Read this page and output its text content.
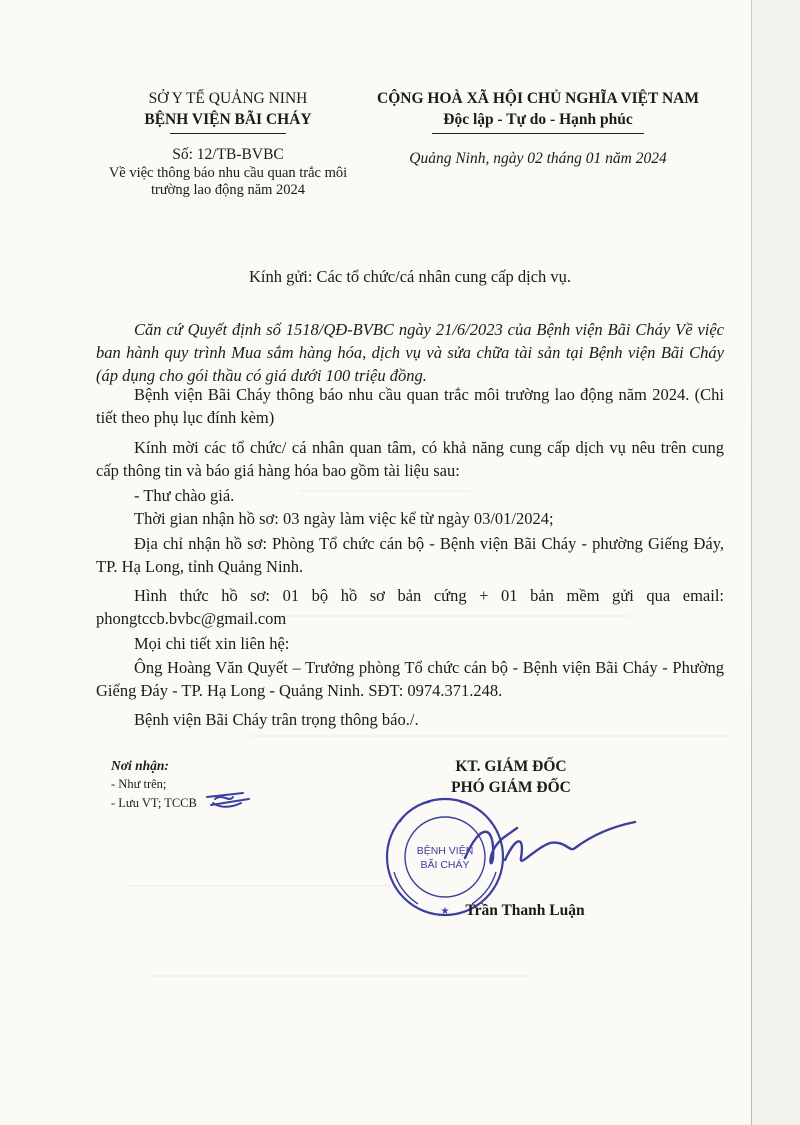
SỞ Y TẾ QUẢNG NINH
BỆNH VIỆN BÃI CHÁY
Số: 12/TB-BVBC
Về việc thông báo nhu cầu quan trắc môi trường lao động năm 2024
CỘNG HOÀ XÃ HỘI CHỦ NGHĨA VIỆT NAM
Độc lập - Tự do - Hạnh phúc
Quảng Ninh, ngày 02 tháng 01 năm 2024
Kính gửi: Các tổ chức/cá nhân cung cấp dịch vụ.
Căn cứ Quyết định số 1518/QĐ-BVBC ngày 21/6/2023 của Bệnh viện Bãi Cháy Về việc ban hành quy trình Mua sắm hàng hóa, dịch vụ và sửa chữa tài sản tại Bệnh viện Bãi Cháy (áp dụng cho gói thầu có giá dưới 100 triệu đồng.
Bệnh viện Bãi Cháy thông báo nhu cầu quan trắc môi trường lao động năm 2024. (Chi tiết theo phụ lục đính kèm)
Kính mời các tổ chức/ cá nhân quan tâm, có khả năng cung cấp dịch vụ nêu trên cung cấp thông tin và báo giá hàng hóa bao gồm tài liệu sau:
- Thư chào giá.
Thời gian nhận hồ sơ: 03 ngày làm việc kể từ ngày 03/01/2024;
Địa chỉ nhận hồ sơ: Phòng Tổ chức cán bộ - Bệnh viện Bãi Cháy - phường Giếng Đáy, TP. Hạ Long, tỉnh Quảng Ninh.
Hình thức hồ sơ: 01 bộ hồ sơ bản cứng + 01 bản mềm gửi qua email: phongtccb.bvbc@gmail.com
Mọi chi tiết xin liên hệ:
Ông Hoàng Văn Quyết – Trưởng phòng Tổ chức cán bộ - Bệnh viện Bãi Cháy - Phường Giếng Đáy - TP. Hạ Long - Quảng Ninh. SĐT: 0974.371.248.
Bệnh viện Bãi Cháy trân trọng thông báo./.
Nơi nhận:
- Như trên;
- Lưu VT; TCCB
KT. GIÁM ĐỐC
PHÓ GIÁM ĐỐC
BỆNH VIỆN
BÃI CHÁY
★	Trần Thanh Luận
